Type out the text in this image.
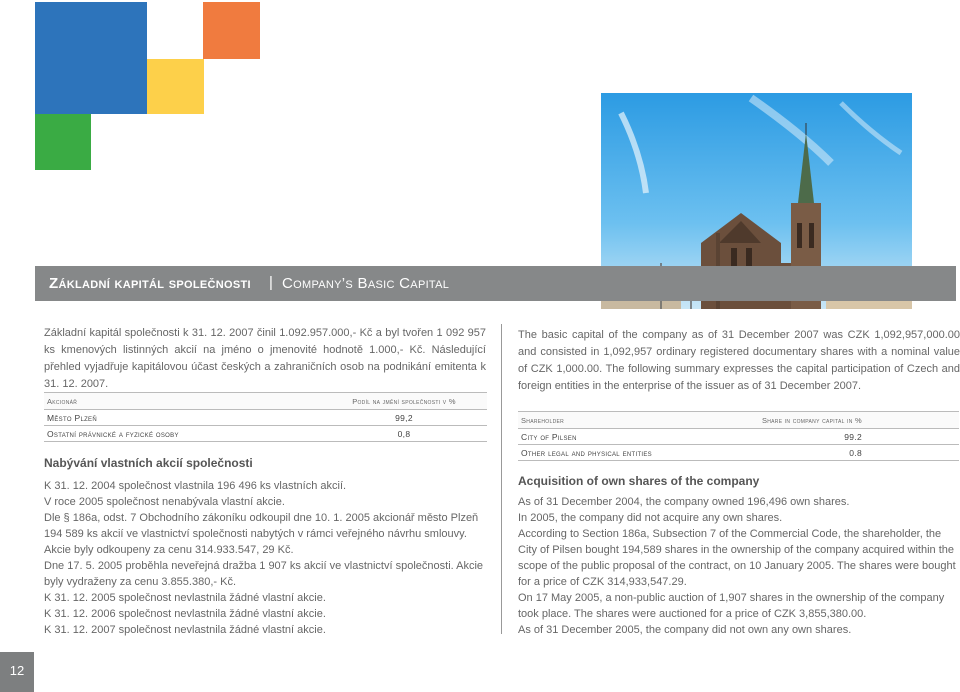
Základní kapitál společnosti | Company’s Basic Capital
Základní kapitál společnosti k 31. 12. 2007 činil 1.092.957.000,- Kč a byl tvořen 1 092 957 ks kmenových listinných akcií na jméno o jmenovité hodnotě 1.000,- Kč. Následující přehled vyjadřuje kapitálovou účast českých a zahraničních osob na podnikání emitenta k 31. 12. 2007.
Akcionář	Podíl na jmění společnosti v %
Město Plzeň	99,2
Ostatní právnické a fyzické osoby	0,8
Nabývání vlastních akcií společnosti
K 31. 12. 2004 společnost vlastnila 196 496 ks vlastních akcií.
V roce 2005 společnost nenabývala vlastní akcie.
Dle § 186a, odst. 7 Obchodního zákoníku odkoupil dne 10. 1. 2005 akcionář město Plzeň 194 589 ks akcií ve vlastnictví společnosti nabytých v rámci veřejného návrhu smlouvy.
Akcie byly odkoupeny za cenu 314.933.547, 29 Kč.
Dne 17. 5. 2005 proběhla neveřejná dražba 1 907 ks akcií ve vlastnictví společnosti. Akcie byly vydraženy za cenu 3.855.380,- Kč.
K 31. 12. 2005 společnost nevlastnila žádné vlastní akcie.
K 31. 12. 2006 společnost nevlastnila žádné vlastní akcie.
K 31. 12. 2007 společnost nevlastnila žádné vlastní akcie.
The basic capital of the company as of 31 December 2007 was CZK 1,092,957,000.00 and consisted in 1,092,957 ordinary registered documentary shares with a nominal value of CZK 1,000.00. The following summary expresses the capital participation of Czech and foreign entities in the enterprise of the issuer as of 31 December 2007.
Shareholder	Share in company capital in %
City of Pilsen	99.2
Other legal and physical entities	0.8
Acquisition of own shares of the company
As of 31 December 2004, the company owned 196,496 own shares.
In 2005, the company did not acquire any own shares.
According to Section 186a, Subsection 7 of the Commercial Code, the shareholder, the City of Pilsen bought 194,589 shares in the ownership of the company acquired within the scope of the public proposal of the contract, on 10 January 2005. The shares were bought for a price of CZK 314,933,547.29.
On 17 May 2005, a non-public auction of 1,907 shares in the ownership of the company took place. The shares were auctioned for a price of CZK 3,855,380.00.
As of 31 December 2005, the company did not own any own shares.
12
